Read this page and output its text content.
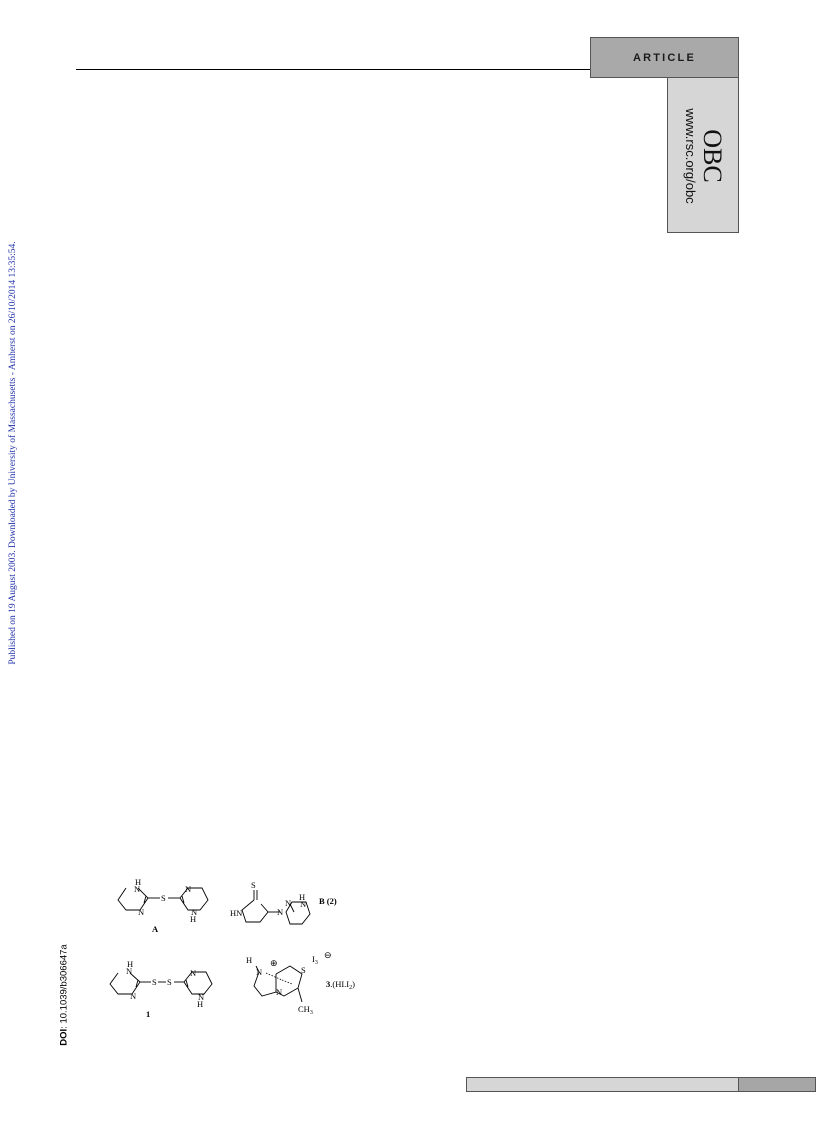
ARTICLE
OBC
www.rsc.org/obc
Published on 19 August 2003. Downloaded by University of Massachusetts - Amherst on 26/10/2014 13:35:54.
DOI: 10.1039/b306647a
H
N
N
S
N
N
H
A
S
HN	N
H
N
N	B (2)
H
N
N
S S
N
N
H
1
H
N
⊕
S
N
$CH_3$
$I_3$
⊖
$3.(HI.I_2)$
